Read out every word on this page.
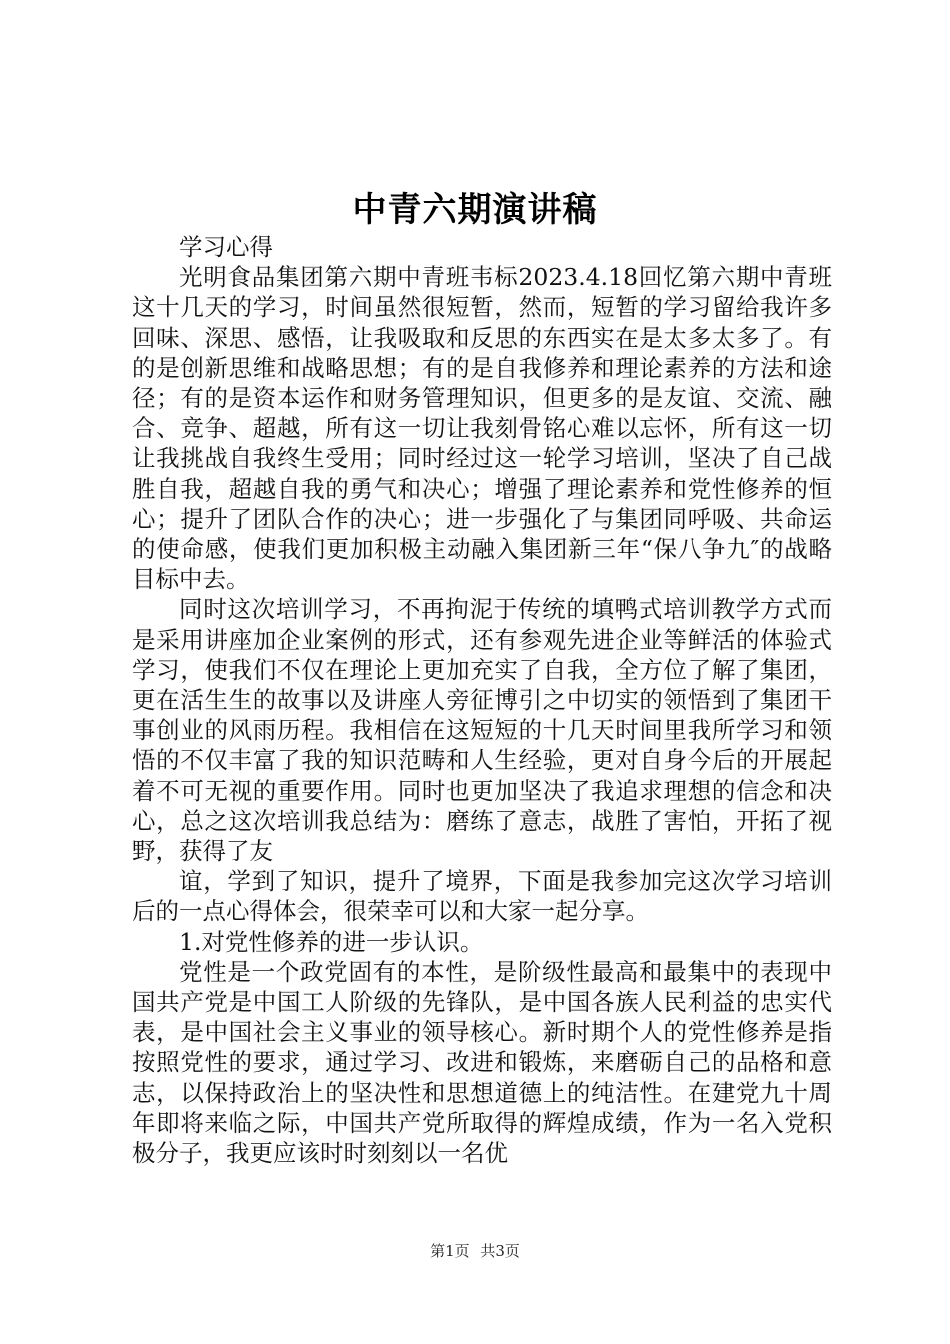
中青六期演讲稿

学习心得

光明食品集团第六期中青班韦标2023.4.18回忆第六期中青班这十几天的学习，时间虽然很短暂，然而，短暂的学习留给我许多回味、深思、感悟，让我吸取和反思的东西实在是太多太多了。有的是创新思维和战略思想；有的是自我修养和理论素养的方法和途径；有的是资本运作和财务管理知识，但更多的是友谊、交流、融合、竞争、超越，所有这一切让我刻骨铭心难以忘怀，所有这一切让我挑战自我终生受用；同时经过这一轮学习培训，坚决了自己战胜自我，超越自我的勇气和决心；增强了理论素养和党性修养的恒心；提升了团队合作的决心；进一步强化了与集团同呼吸、共命运的使命感，使我们更加积极主动融入集团新三年“保八争九″的战略目标中去。

同时这次培训学习，不再拘泥于传统的填鸭式培训教学方式而是采用讲座加企业案例的形式，还有参观先进企业等鲜活的体验式学习，使我们不仅在理论上更加充实了自我，全方位了解了集团，更在活生生的故事以及讲座人旁征博引之中切实的领悟到了集团干事创业的风雨历程。我相信在这短短的十几天时间里我所学习和领悟的不仅丰富了我的知识范畴和人生经验，更对自身今后的开展起着不可无视的重要作用。同时也更加坚决了我追求理想的信念和决心，总之这次培训我总结为：磨练了意志，战胜了害怕，开拓了视野，获得了友

谊，学到了知识，提升了境界，下面是我参加完这次学习培训后的一点心得体会，很荣幸可以和大家一起分享。

1.对党性修养的进一步认识。

党性是一个政党固有的本性，是阶级性最高和最集中的表现中国共产党是中国工人阶级的先锋队，是中国各族人民利益的忠实代表，是中国社会主义事业的领导核心。新时期个人的党性修养是指按照党性的要求，通过学习、改进和锻炼，来磨砺自己的品格和意志，以保持政治上的坚决性和思想道德上的纯洁性。在建党九十周年即将来临之际，中国共产党所取得的辉煌成绩，作为一名入党积极分子，我更应该时时刻刻以一名优

第1页 共3页
